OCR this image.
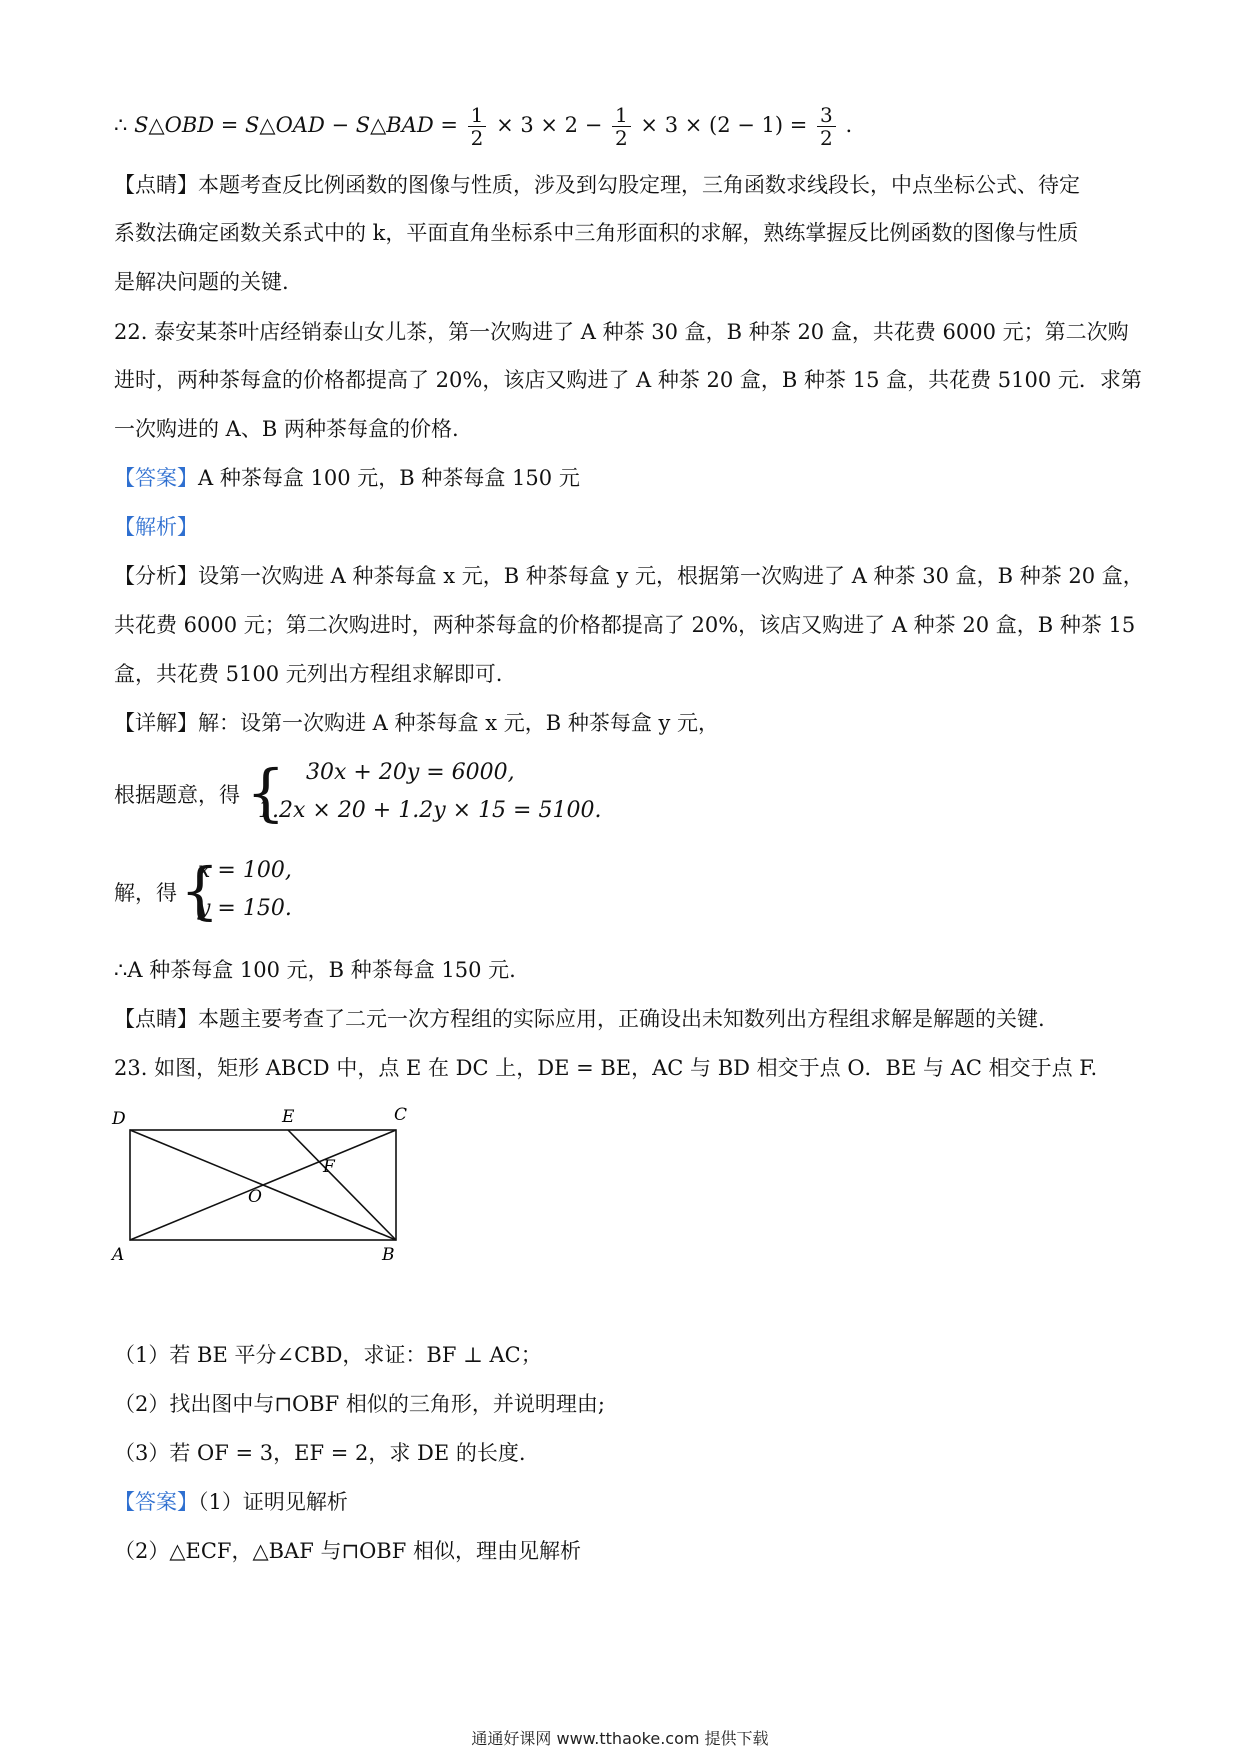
∴ S△OBD = S△OAD − S△BAD = $\frac{1}{2} \times 3 \times 2 - \frac{1}{2} \times 3 \times (2 - 1) = \frac{3}{2}$ .
【点睛】本题考查反比例函数的图像与性质，涉及到勾股定理，三角函数求线段长，中点坐标公式、待定
系数法确定函数关系式中的 k，平面直角坐标系中三角形面积的求解，熟练掌握反比例函数的图像与性质
是解决问题的关键.
22. 泰安某茶叶店经销泰山女儿茶，第一次购进了 A 种茶 30 盒，B 种茶 20 盒，共花费 6000 元；第二次购
进时，两种茶每盒的价格都提高了 20%，该店又购进了 A 种茶 20 盒，B 种茶 15 盒，共花费 5100 元．求第
一次购进的 A、B 两种茶每盒的价格.
【答案】A 种茶每盒 100 元，B 种茶每盒 150 元
【解析】
【分析】设第一次购进 A 种茶每盒 x 元，B 种茶每盒 y 元，根据第一次购进了 A 种茶 30 盒，B 种茶 20 盒，
共花费 6000 元；第二次购进时，两种茶每盒的价格都提高了 20%，该店又购进了 A 种茶 20 盒，B 种茶 15
盒，共花费 5100 元列出方程组求解即可.
【详解】解：设第一次购进 A 种茶每盒 x 元，B 种茶每盒 y 元，
根据题意，得 { 30x + 20y = 6000,
1.2x × 20 + 1.2y × 15 = 5100.
解，得 {
x = 100,
y = 150.
∴A 种茶每盒 100 元，B 种茶每盒 150 元.
【点睛】本题主要考查了二元一次方程组的实际应用，正确设出未知数列出方程组求解是解题的关键.
23. 如图，矩形 ABCD 中，点 E 在 DC 上，DE = BE，AC 与 BD 相交于点 O．BE 与 AC 相交于点 F.
D	E	C
F
O
A	B
（1）若 BE 平分∠CBD，求证：BF ⊥ AC；
（2）找出图中与⊓OBF 相似的三角形，并说明理由;
（3）若 OF = 3，EF = 2，求 DE 的长度.
【答案】（1）证明见解析
（2）△ECF，△BAF 与⊓OBF 相似，理由见解析
通通好课网 www.tthaoke.com 提供下载
